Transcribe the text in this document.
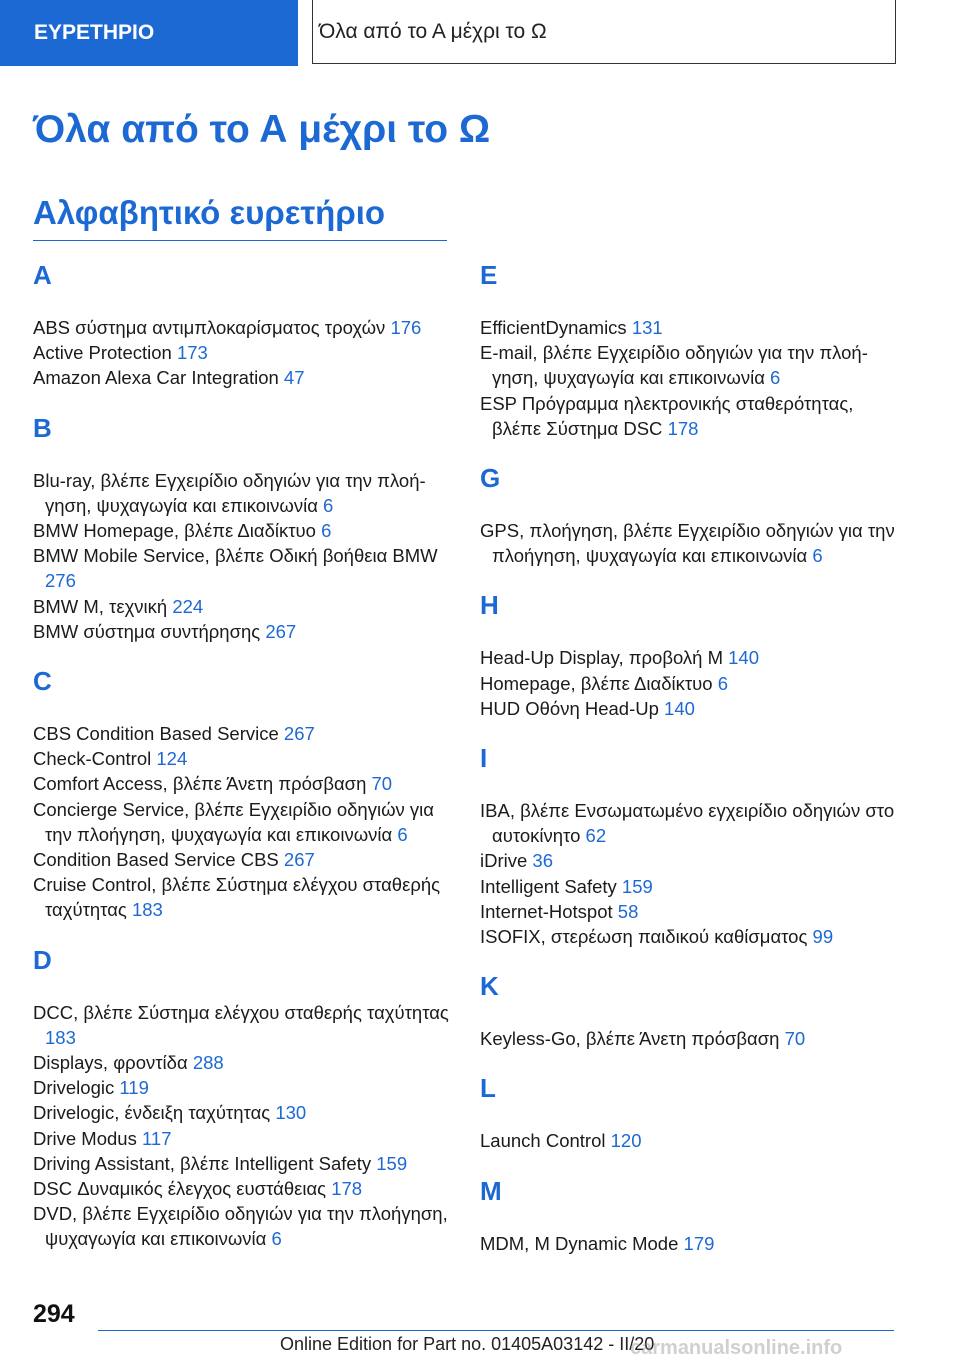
ΕΥΡΕΤΗΡΙΟ	Όλα από το Α μέχρι το Ω
Όλα από το Α μέχρι το Ω
Αλφαβητικό ευρετήριο
A
ABS σύστημα αντιμπλοκαρίσματος τροχών 176
Active Protection 173
Amazon Alexa Car Integration 47
B
Blu-ray, βλέπε Εγχειρίδιο οδηγιών για την πλοήγηση, ψυχαγωγία και επικοινωνία 6
BMW Homepage, βλέπε Διαδίκτυο 6
BMW Mobile Service, βλέπε Οδική βοήθεια BMW 276
BMW M, τεχνική 224
BMW σύστημα συντήρησης 267
C
CBS Condition Based Service 267
Check-Control 124
Comfort Access, βλέπε Άνετη πρόσβαση 70
Concierge Service, βλέπε Εγχειρίδιο οδηγιών για την πλοήγηση, ψυχαγωγία και επικοινωνία 6
Condition Based Service CBS 267
Cruise Control, βλέπε Σύστημα ελέγχου σταθερής ταχύτητας 183
D
DCC, βλέπε Σύστημα ελέγχου σταθερής ταχύτητας 183
Displays, φροντίδα 288
Drivelogic 119
Drivelogic, ένδειξη ταχύτητας 130
Drive Modus 117
Driving Assistant, βλέπε Intelligent Safety 159
DSC Δυναμικός έλεγχος ευστάθειας 178
DVD, βλέπε Εγχειρίδιο οδηγιών για την πλοήγηση, ψυχαγωγία και επικοινωνία 6
E
EfficientDynamics 131
E-mail, βλέπε Εγχειρίδιο οδηγιών για την πλοήγηση, ψυχαγωγία και επικοινωνία 6
ESP Πρόγραμμα ηλεκτρονικής σταθερότητας, βλέπε Σύστημα DSC 178
G
GPS, πλοήγηση, βλέπε Εγχειρίδιο οδηγιών για την πλοήγηση, ψυχαγωγία και επικοινωνία 6
H
Head-Up Display, προβολή M 140
Homepage, βλέπε Διαδίκτυο 6
HUD Οθόνη Head-Up 140
I
IBA, βλέπε Ενσωματωμένο εγχειρίδιο οδηγιών στο αυτοκίνητο 62
iDrive 36
Intelligent Safety 159
Internet-Hotspot 58
ISOFIX, στερέωση παιδικού καθίσματος 99
K
Keyless-Go, βλέπε Άνετη πρόσβαση 70
L
Launch Control 120
M
MDM, M Dynamic Mode 179
294
Online Edition for Part no. 01405A03142 - II/20
carmanualsonline.info
